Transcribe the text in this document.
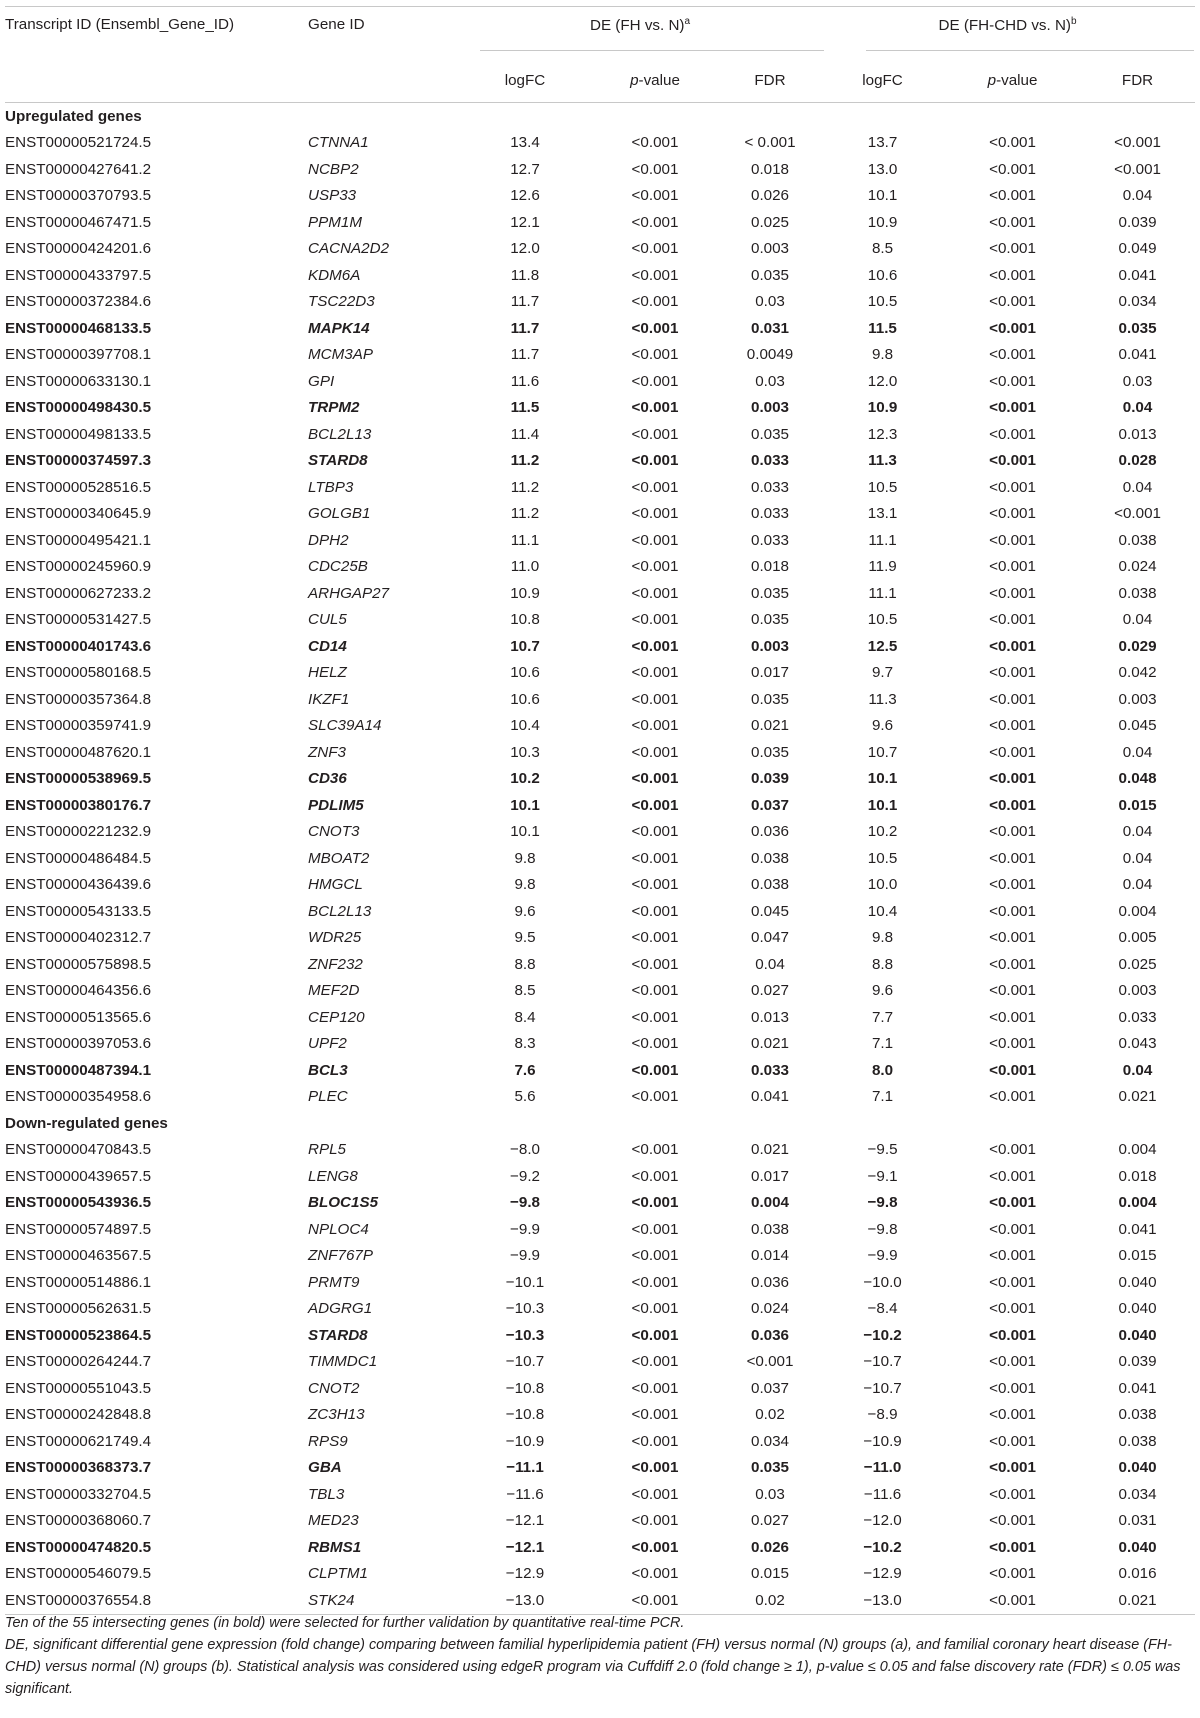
Transcript ID (Ensembl_Gene_ID)	Gene ID	DE (FH vs. N)$^a$			DE (FH-CHD vs. N)$^b$
		logFC	p-value	FDR	logFC	p-value	FDR
Upregulated genes							
ENST00000521724.5	CTNNA1	13.4	<0.001	< 0.001	13.7	<0.001	<0.001
ENST00000427641.2	NCBP2	12.7	<0.001	0.018	13.0	<0.001	<0.001
ENST00000370793.5	USP33	12.6	<0.001	0.026	10.1	<0.001	0.04
ENST00000467471.5	PPM1M	12.1	<0.001	0.025	10.9	<0.001	0.039
ENST00000424201.6	CACNA2D2	12.0	<0.001	0.003	8.5	<0.001	0.049
ENST00000433797.5	KDM6A	11.8	<0.001	0.035	10.6	<0.001	0.041
ENST00000372384.6	TSC22D3	11.7	<0.001	0.03	10.5	<0.001	0.034
ENST00000468133.5	MAPK14	11.7	<0.001	0.031	11.5	<0.001	0.035
ENST00000397708.1	MCM3AP	11.7	<0.001	0.0049	9.8	<0.001	0.041
ENST00000633130.1	GPI	11.6	<0.001	0.03	12.0	<0.001	0.03
ENST00000498430.5	TRPM2	11.5	<0.001	0.003	10.9	<0.001	0.04
ENST00000498133.5	BCL2L13	11.4	<0.001	0.035	12.3	<0.001	0.013
ENST00000374597.3	STARD8	11.2	<0.001	0.033	11.3	<0.001	0.028
ENST00000528516.5	LTBP3	11.2	<0.001	0.033	10.5	<0.001	0.04
ENST00000340645.9	GOLGB1	11.2	<0.001	0.033	13.1	<0.001	<0.001
ENST00000495421.1	DPH2	11.1	<0.001	0.033	11.1	<0.001	0.038
ENST00000245960.9	CDC25B	11.0	<0.001	0.018	11.9	<0.001	0.024
ENST00000627233.2	ARHGAP27	10.9	<0.001	0.035	11.1	<0.001	0.038
ENST00000531427.5	CUL5	10.8	<0.001	0.035	10.5	<0.001	0.04
ENST00000401743.6	CD14	10.7	<0.001	0.003	12.5	<0.001	0.029
ENST00000580168.5	HELZ	10.6	<0.001	0.017	9.7	<0.001	0.042
ENST00000357364.8	IKZF1	10.6	<0.001	0.035	11.3	<0.001	0.003
ENST00000359741.9	SLC39A14	10.4	<0.001	0.021	9.6	<0.001	0.045
ENST00000487620.1	ZNF3	10.3	<0.001	0.035	10.7	<0.001	0.04
ENST00000538969.5	CD36	10.2	<0.001	0.039	10.1	<0.001	0.048
ENST00000380176.7	PDLIM5	10.1	<0.001	0.037	10.1	<0.001	0.015
ENST00000221232.9	CNOT3	10.1	<0.001	0.036	10.2	<0.001	0.04
ENST00000486484.5	MBOAT2	9.8	<0.001	0.038	10.5	<0.001	0.04
ENST00000436439.6	HMGCL	9.8	<0.001	0.038	10.0	<0.001	0.04
ENST00000543133.5	BCL2L13	9.6	<0.001	0.045	10.4	<0.001	0.004
ENST00000402312.7	WDR25	9.5	<0.001	0.047	9.8	<0.001	0.005
ENST00000575898.5	ZNF232	8.8	<0.001	0.04	8.8	<0.001	0.025
ENST00000464356.6	MEF2D	8.5	<0.001	0.027	9.6	<0.001	0.003
ENST00000513565.6	CEP120	8.4	<0.001	0.013	7.7	<0.001	0.033
ENST00000397053.6	UPF2	8.3	<0.001	0.021	7.1	<0.001	0.043
ENST00000487394.1	BCL3	7.6	<0.001	0.033	8.0	<0.001	0.04
ENST00000354958.6	PLEC	5.6	<0.001	0.041	7.1	<0.001	0.021
Down-regulated genes							
ENST00000470843.5	RPL5	−8.0	<0.001	0.021	−9.5	<0.001	0.004
ENST00000439657.5	LENG8	−9.2	<0.001	0.017	−9.1	<0.001	0.018
ENST00000543936.5	BLOC1S5	−9.8	<0.001	0.004	−9.8	<0.001	0.004
ENST00000574897.5	NPLOC4	−9.9	<0.001	0.038	−9.8	<0.001	0.041
ENST00000463567.5	ZNF767P	−9.9	<0.001	0.014	−9.9	<0.001	0.015
ENST00000514886.1	PRMT9	−10.1	<0.001	0.036	−10.0	<0.001	0.040
ENST00000562631.5	ADGRG1	−10.3	<0.001	0.024	−8.4	<0.001	0.040
ENST00000523864.5	STARD8	−10.3	<0.001	0.036	−10.2	<0.001	0.040
ENST00000264244.7	TIMMDC1	−10.7	<0.001	<0.001	−10.7	<0.001	0.039
ENST00000551043.5	CNOT2	−10.8	<0.001	0.037	−10.7	<0.001	0.041
ENST00000242848.8	ZC3H13	−10.8	<0.001	0.02	−8.9	<0.001	0.038
ENST00000621749.4	RPS9	−10.9	<0.001	0.034	−10.9	<0.001	0.038
ENST00000368373.7	GBA	−11.1	<0.001	0.035	−11.0	<0.001	0.040
ENST00000332704.5	TBL3	−11.6	<0.001	0.03	−11.6	<0.001	0.034
ENST00000368060.7	MED23	−12.1	<0.001	0.027	−12.0	<0.001	0.031
ENST00000474820.5	RBMS1	−12.1	<0.001	0.026	−10.2	<0.001	0.040
ENST00000546079.5	CLPTM1	−12.9	<0.001	0.015	−12.9	<0.001	0.016
ENST00000376554.8	STK24	−13.0	<0.001	0.02	−13.0	<0.001	0.021

Ten of the 55 intersecting genes (in bold) were selected for further validation by quantitative real-time PCR.

DE, significant differential gene expression (fold change) comparing between familial hyperlipidemia patient (FH) versus normal (N) groups (a), and familial coronary heart disease (FH-CHD) versus normal (N) groups (b). Statistical analysis was considered using edgeR program via Cuffdiff 2.0 (fold change ≥ 1), p-value ≤ 0.05 and false discovery rate (FDR) ≤ 0.05 was significant.
